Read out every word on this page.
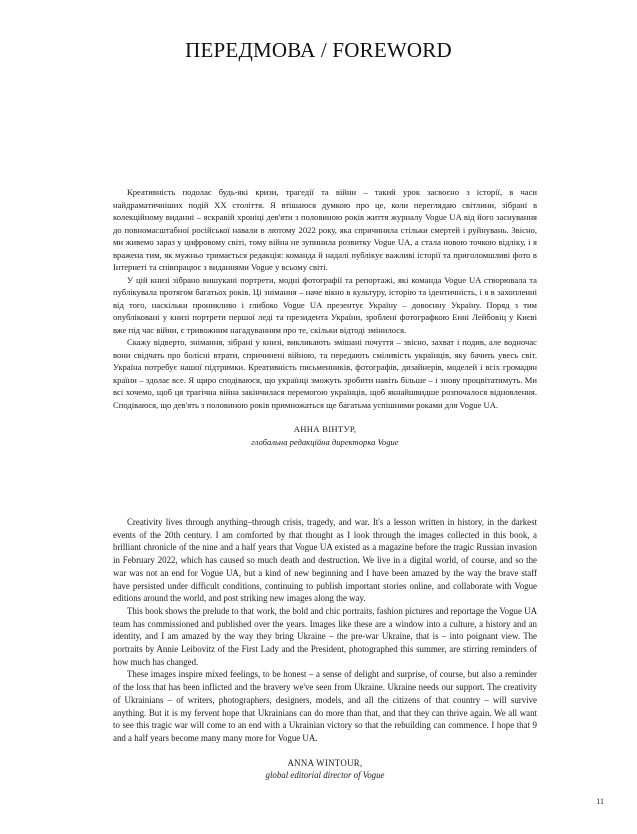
ПЕРЕДМОВА / FOREWORD

Креативність подолає будь-які кризи, трагедії та війни – такий урок засвоєно з історії, в часи найдраматичніших подій XX століття. Я втішаюся думкою про це, коли переглядаю світлини, зібрані в колекційному виданні – яскравій хроніці дев'яти з половиною років життя журналу Vogue UA від його заснування до повномасштабної російської навали в лютому 2022 року, яка спричинила стільки смертей і руйнувань. Звісно, ми живемо зараз у цифровому світі, тому війна не зупинила розвитку Vogue UA, а стала новою точкою відліку, і я вражена тим, як мужньо тримається редакція: команда й надалі публікує важливі історії та приголомшливі фото в Інтернеті та співпрацює з виданнями Vogue у всьому світі.

У цій книзі зібрано вишукані портрети, модні фотографії та репортажі, які команда Vogue UA створювала та публікувала протягом багатьох років. Ці знімання – наче вікно в культуру, історію та ідентичність, і я в захопленні від того, наскільки проникливо і глибоко Vogue UA презентує Україну – довоєнну Україну. Поряд з тим опубліковані у книзі портрети першої леді та президента України, зроблені фотографкою Енні Лейбовіц у Києві вже під час війни, є тривожним нагадуванням про те, скільки відтоді змінилося.

Скажу відверто, знімання, зібрані у книзі, викликають змішані почуття – звісно, захват і подив, але водночас вони свідчать про болісні втрати, спричинені війною, та передають сміливість українців, яку бачить увесь світ. Україна потребує нашої підтримки. Креативність письменників, фотографів, дизайнерів, моделей і всіх громадян країни – здолає все. Я щиро сподіваюся, що українці зможуть зробити навіть більше – і знову процвітатимуть. Ми всі хочемо, щоб ця трагічна війна закінчилася перемогою українців, щоб якнайшвидше розпочалося відновлення. Сподіваюся, що дев'ять з половиною років примножаться ще багатьма успішними роками для Vogue UA.

АННА ВІНТУР,
глобальна редакційна директорка Vogue

Creativity lives through anything–through crisis, tragedy, and war. It's a lesson written in history, in the darkest events of the 20th century. I am comforted by that thought as I look through the images collected in this book, a brilliant chronicle of the nine and a half years that Vogue UA existed as a magazine before the tragic Russian invasion in February 2022, which has caused so much death and destruction. We live in a digital world, of course, and so the war was not an end for Vogue UA, but a kind of new beginning and I have been amazed by the way the brave staff have persisted under difficult conditions, continuing to publish important stories online, and collaborate with Vogue editions around the world, and post striking new images along the way.

This book shows the prelude to that work, the bold and chic portraits, fashion pictures and reportage the Vogue UA team has commissioned and published over the years. Images like these are a window into a culture, a history and an identity, and I am amazed by the way they bring Ukraine – the pre-war Ukraine, that is – into poignant view. The portraits by Annie Leibovitz of the First Lady and the President, photographed this summer, are stirring reminders of how much has changed.

These images inspire mixed feelings, to be honest – a sense of delight and surprise, of course, but also a reminder of the loss that has been inflicted and the bravery we've seen from Ukraine. Ukraine needs our support. The creativity of Ukrainians – of writers, photographers, designers, models, and all the citizens of that country – will survive anything. But it is my fervent hope that Ukrainians can do more than that, and that they can thrive again. We all want to see this tragic war will come to an end with a Ukrainian victory so that the rebuilding can commence. I hope that 9 and a half years become many many more for Vogue UA.

ANNA WINTOUR,
global editorial director of Vogue
11
